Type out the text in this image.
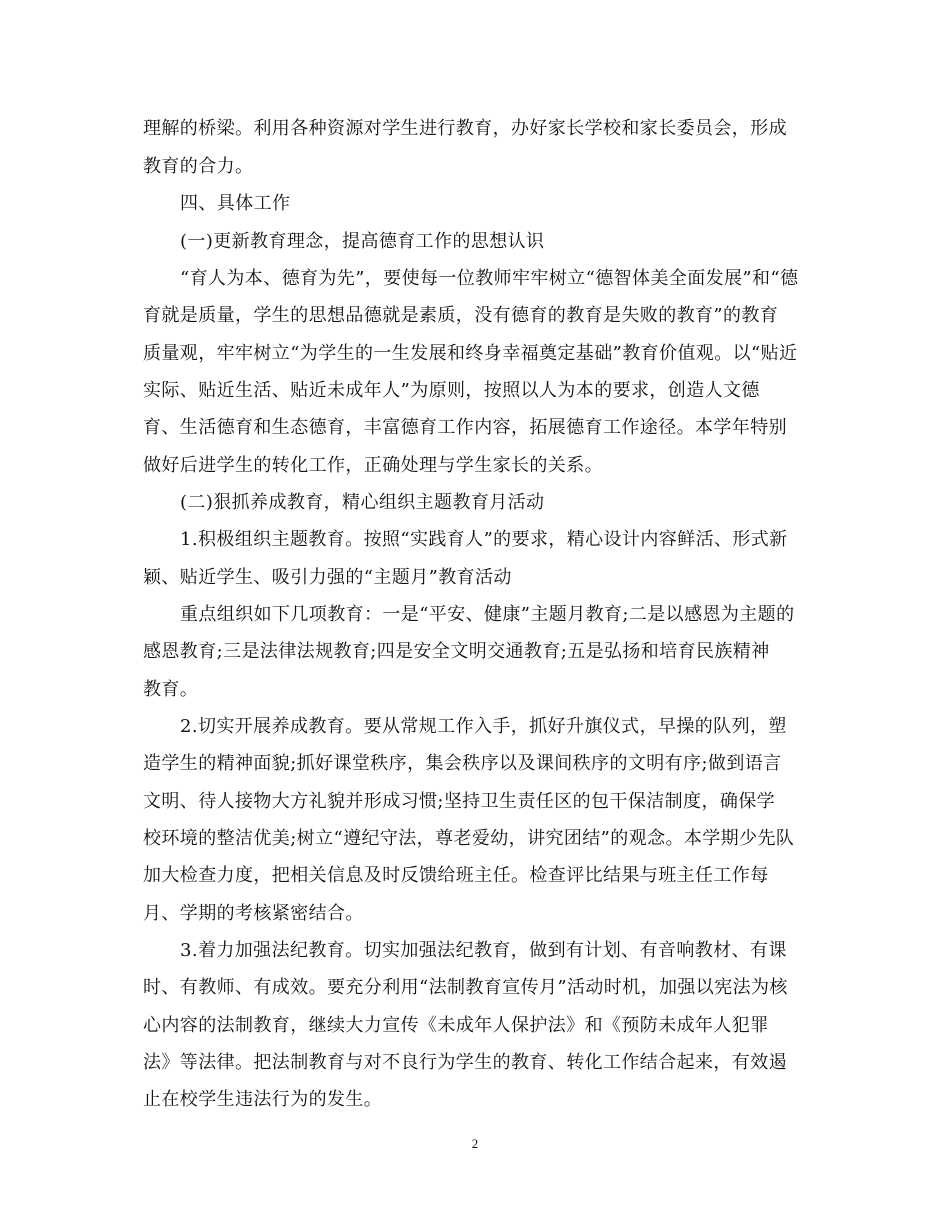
理解的桥梁。利用各种资源对学生进行教育，办好家长学校和家长委员会，形成
教育的合力。
四、具体工作
(一)更新教育理念，提高德育工作的思想认识
“育人为本、德育为先”，要使每一位教师牢牢树立“德智体美全面发展”和“德
育就是质量，学生的思想品德就是素质，没有德育的教育是失败的教育”的教育
质量观，牢牢树立“为学生的一生发展和终身幸福奠定基础”教育价值观。以“贴近
实际、贴近生活、贴近未成年人”为原则，按照以人为本的要求，创造人文德
育、生活德育和生态德育，丰富德育工作内容，拓展德育工作途径。本学年特别
做好后进学生的转化工作，正确处理与学生家长的关系。
(二)狠抓养成教育，精心组织主题教育月活动
1.积极组织主题教育。按照“实践育人”的要求，精心设计内容鲜活、形式新
颖、贴近学生、吸引力强的“主题月”教育活动
重点组织如下几项教育：一是“平安、健康”主题月教育;二是以感恩为主题的
感恩教育;三是法律法规教育;四是安全文明交通教育;五是弘扬和培育民族精神
教育。
2.切实开展养成教育。要从常规工作入手，抓好升旗仪式，早操的队列，塑
造学生的精神面貌;抓好课堂秩序，集会秩序以及课间秩序的文明有序;做到语言
文明、待人接物大方礼貌并形成习惯;坚持卫生责任区的包干保洁制度，确保学
校环境的整洁优美;树立“遵纪守法，尊老爱幼，讲究团结”的观念。本学期少先队
加大检查力度，把相关信息及时反馈给班主任。检查评比结果与班主任工作每
月、学期的考核紧密结合。
3.着力加强法纪教育。切实加强法纪教育，做到有计划、有音响教材、有课
时、有教师、有成效。要充分利用“法制教育宣传月”活动时机，加强以宪法为核
心内容的法制教育，继续大力宣传《未成年人保护法》和《预防未成年人犯罪
法》等法律。把法制教育与对不良行为学生的教育、转化工作结合起来，有效遏
止在校学生违法行为的发生。
2
